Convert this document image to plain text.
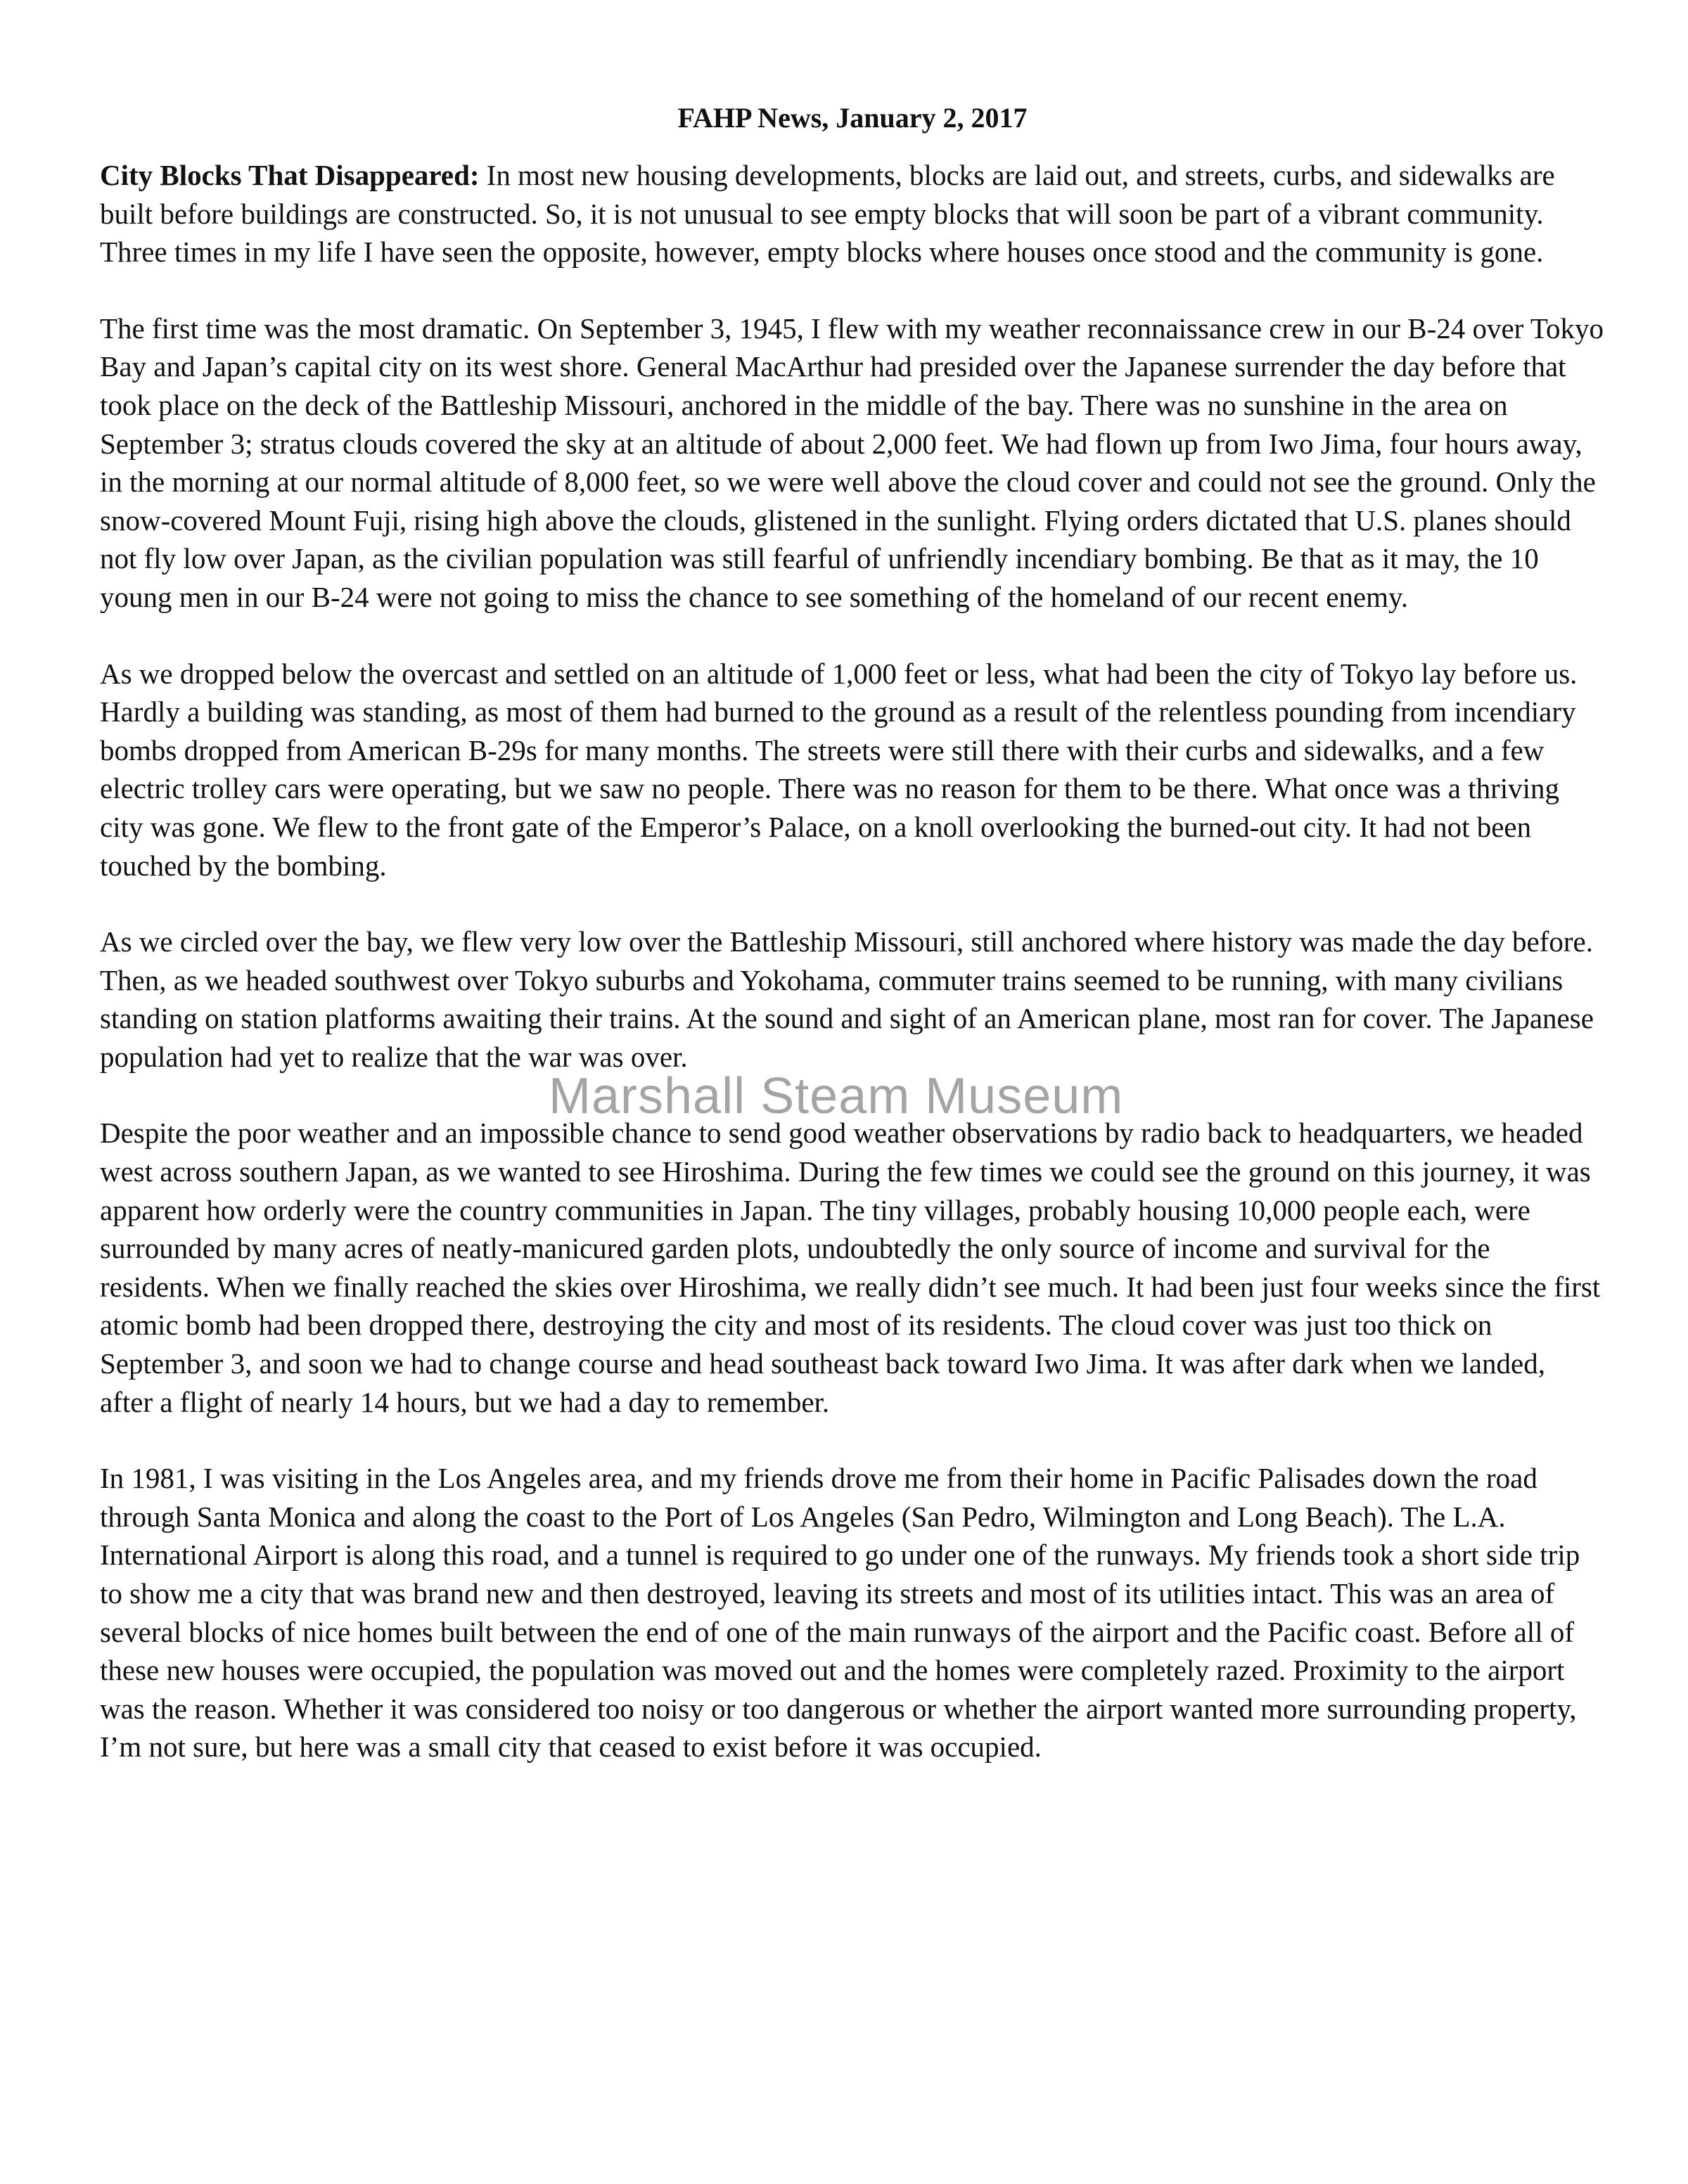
FAHP News, January 2, 2017

City Blocks That Disappeared: In most new housing developments, blocks are laid out, and streets, curbs, and sidewalks are built before buildings are constructed. So, it is not unusual to see empty blocks that will soon be part of a vibrant community. Three times in my life I have seen the opposite, however, empty blocks where houses once stood and the community is gone.

The first time was the most dramatic. On September 3, 1945, I flew with my weather reconnaissance crew in our B-24 over Tokyo Bay and Japan’s capital city on its west shore. General MacArthur had presided over the Japanese surrender the day before that took place on the deck of the Battleship Missouri, anchored in the middle of the bay. There was no sunshine in the area on September 3; stratus clouds covered the sky at an altitude of about 2,000 feet. We had flown up from Iwo Jima, four hours away, in the morning at our normal altitude of 8,000 feet, so we were well above the cloud cover and could not see the ground. Only the snow-covered Mount Fuji, rising high above the clouds, glistened in the sunlight. Flying orders dictated that U.S. planes should not fly low over Japan, as the civilian population was still fearful of unfriendly incendiary bombing. Be that as it may, the 10 young men in our B-24 were not going to miss the chance to see something of the homeland of our recent enemy.

As we dropped below the overcast and settled on an altitude of 1,000 feet or less, what had been the city of Tokyo lay before us. Hardly a building was standing, as most of them had burned to the ground as a result of the relentless pounding from incendiary bombs dropped from American B-29s for many months. The streets were still there with their curbs and sidewalks, and a few electric trolley cars were operating, but we saw no people. There was no reason for them to be there. What once was a thriving city was gone. We flew to the front gate of the Emperor’s Palace, on a knoll overlooking the burned-out city. It had not been touched by the bombing.

As we circled over the bay, we flew very low over the Battleship Missouri, still anchored where history was made the day before. Then, as we headed southwest over Tokyo suburbs and Yokohama, commuter trains seemed to be running, with many civilians standing on station platforms awaiting their trains. At the sound and sight of an American plane, most ran for cover. The Japanese population had yet to realize that the war was over.

Despite the poor weather and an impossible chance to send good weather observations by radio back to headquarters, we headed west across southern Japan, as we wanted to see Hiroshima. During the few times we could see the ground on this journey, it was apparent how orderly were the country communities in Japan. The tiny villages, probably housing 10,000 people each, were surrounded by many acres of neatly-manicured garden plots, undoubtedly the only source of income and survival for the residents. When we finally reached the skies over Hiroshima, we really didn’t see much. It had been just four weeks since the first atomic bomb had been dropped there, destroying the city and most of its residents. The cloud cover was just too thick on September 3, and soon we had to change course and head southeast back toward Iwo Jima. It was after dark when we landed, after a flight of nearly 14 hours, but we had a day to remember.

In 1981, I was visiting in the Los Angeles area, and my friends drove me from their home in Pacific Palisades down the road through Santa Monica and along the coast to the Port of Los Angeles (San Pedro, Wilmington and Long Beach). The L.A. International Airport is along this road, and a tunnel is required to go under one of the runways. My friends took a short side trip to show me a city that was brand new and then destroyed, leaving its streets and most of its utilities intact. This was an area of several blocks of nice homes built between the end of one of the main runways of the airport and the Pacific coast. Before all of these new houses were occupied, the population was moved out and the homes were completely razed. Proximity to the airport was the reason. Whether it was considered too noisy or too dangerous or whether the airport wanted more surrounding property, I’m not sure, but here was a small city that ceased to exist before it was occupied.

Marshall Steam Museum
